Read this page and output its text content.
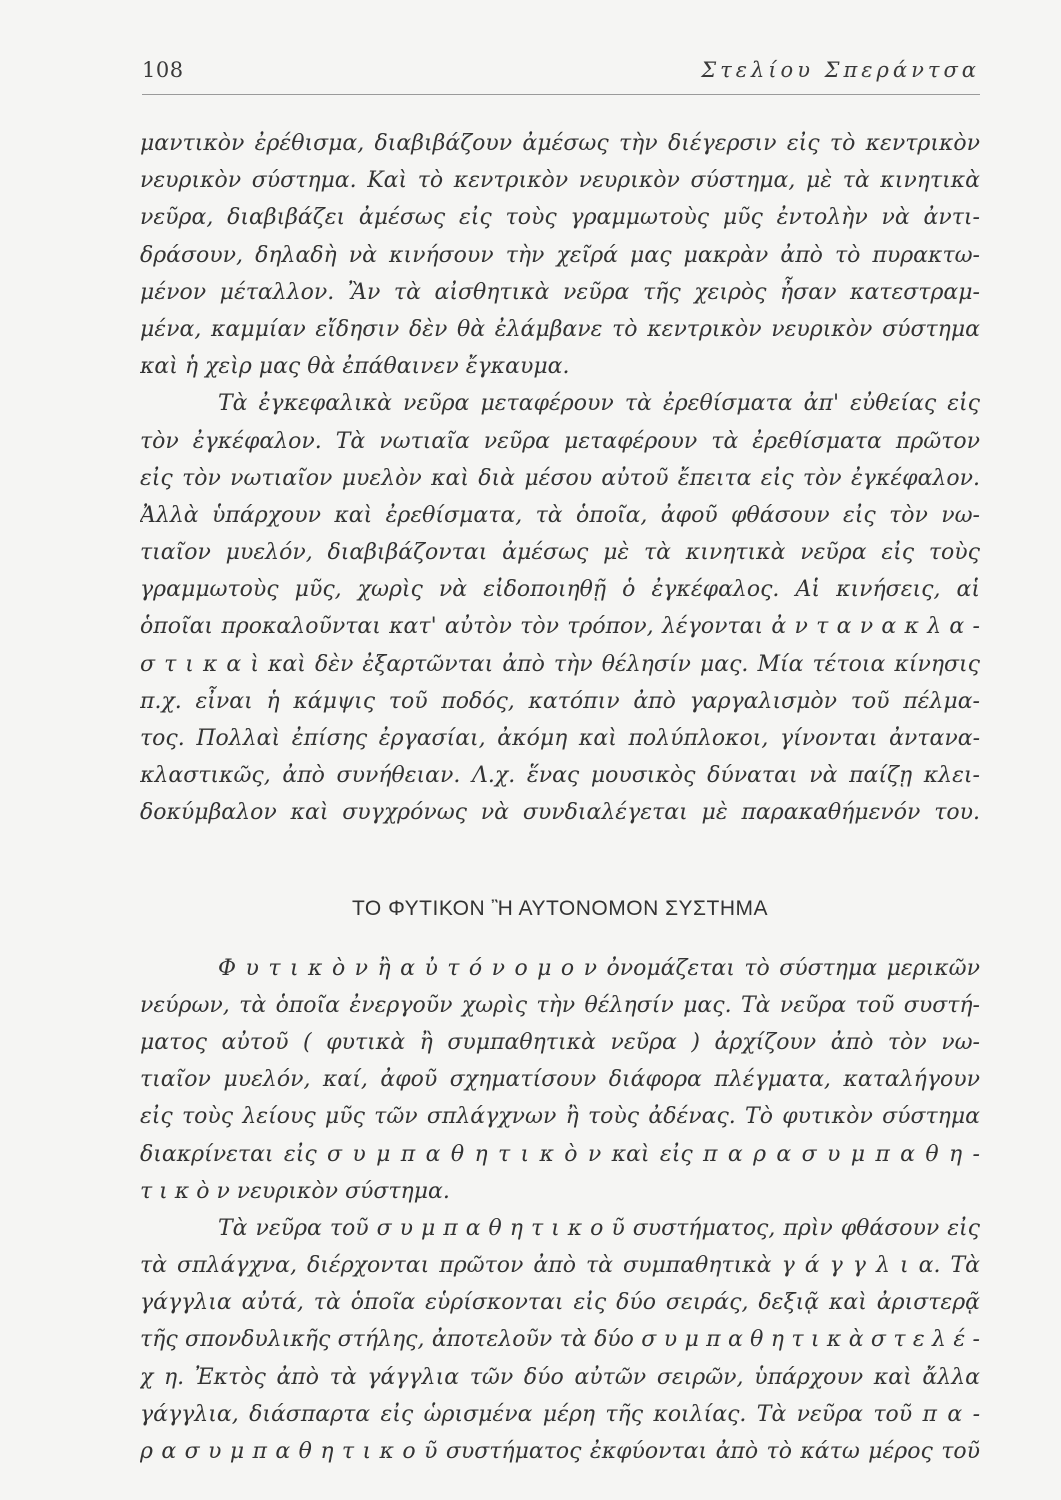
108	Στελίου Σπεράντσα
μαντικὸν ἐρέθισμα, διαβιβάζουν ἀμέσως τὴν διέγερσιν εἰς τὸ κεντρικὸν
νευρικὸν σύστημα. Καὶ τὸ κεντρικὸν νευρικὸν σύστημα, μὲ τὰ κινητικὰ
νεῦρα, διαβιβάζει ἀμέσως εἰς τοὺς γραμμωτοὺς μῦς ἐντολὴν νὰ ἀντι-
δράσουν, δηλαδὴ νὰ κινήσουν τὴν χεῖρά μας μακρὰν ἀπὸ τὸ πυρακτω-
μένον μέταλλον. Ἂν τὰ αἰσθητικὰ νεῦρα τῆς χειρὸς ἦσαν κατεστραμ-
μένα, καμμίαν εἴδησιν δὲν θὰ ἐλάμβανε τὸ κεντρικὸν νευρικὸν σύστημα
καὶ ἡ χεὶρ μας θὰ ἐπάθαινεν ἔγκαυμα.
Τὰ ἐγκεφαλικὰ νεῦρα μεταφέρουν τὰ ἐρεθίσματα ἀπ' εὐθείας εἰς
τὸν ἐγκέφαλον. Τὰ νωτιαῖα νεῦρα μεταφέρουν τὰ ἐρεθίσματα πρῶτον
εἰς τὸν νωτιαῖον μυελὸν καὶ διὰ μέσου αὐτοῦ ἔπειτα εἰς τὸν ἐγκέφαλον.
Ἀλλὰ ὑπάρχουν καὶ ἐρεθίσματα, τὰ ὁποῖα, ἀφοῦ φθάσουν εἰς τὸν νω-
τιαῖον μυελόν, διαβιβάζονται ἀμέσως μὲ τὰ κινητικὰ νεῦρα εἰς τοὺς
γραμμωτοὺς μῦς, χωρὶς νὰ εἰδοποιηθῇ ὁ ἐγκέφαλος. Αἱ κινήσεις, αἱ
ὁποῖαι προκαλοῦνται κατ' αὐτὸν τὸν τρόπον, λέγονται ἀ ν τ α ν α κ λ α -
σ τ ι κ α ὶ καὶ δὲν ἐξαρτῶνται ἀπὸ τὴν θέλησίν μας. Μία τέτοια κίνησις
π.χ. εἶναι ἡ κάμψις τοῦ ποδός, κατόπιν ἀπὸ γαργαλισμὸν τοῦ πέλμα-
τος. Πολλαὶ ἐπίσης ἐργασίαι, ἀκόμη καὶ πολύπλοκοι, γίνονται ἀντανα-
κλαστικῶς, ἀπὸ συνήθειαν. Λ.χ. ἕνας μουσικὸς δύναται νὰ παίζῃ κλει-
δοκύμβαλον καὶ συγχρόνως νὰ συνδιαλέγεται μὲ παρακαθήμενόν του.
ΤΟ ΦΥΤΙΚΟΝ Ἢ ΑΥΤΟΝΟΜΟΝ ΣΥΣΤΗΜΑ
Φ υ τ ι κ ὸ ν ἢ α ὐ τ ό ν ο μ ο ν ὀνομάζεται τὸ σύστημα μερικῶν
νεύρων, τὰ ὁποῖα ἐνεργοῦν χωρὶς τὴν θέλησίν μας. Τὰ νεῦρα τοῦ συστή-
ματος αὐτοῦ ( φυτικὰ ἢ συμπαθητικὰ νεῦρα ) ἀρχίζουν ἀπὸ τὸν νω-
τιαῖον μυελόν, καί, ἀφοῦ σχηματίσουν διάφορα πλέγματα, καταλήγουν
εἰς τοὺς λείους μῦς τῶν σπλάγχνων ἢ τοὺς ἀδένας. Τὸ φυτικὸν σύστημα
διακρίνεται εἰς σ υ μ π α θ η τ ι κ ὸ ν καὶ εἰς π α ρ α σ υ μ π α θ η -
τ ι κ ὸ ν νευρικὸν σύστημα.
Τὰ νεῦρα τοῦ σ υ μ π α θ η τ ι κ ο ῦ συστήματος, πρὶν φθάσουν εἰς
τὰ σπλάγχνα, διέρχονται πρῶτον ἀπὸ τὰ συμπαθητικὰ γ ά γ γ λ ι α. Τὰ
γάγγλια αὐτά, τὰ ὁποῖα εὑρίσκονται εἰς δύο σειράς, δεξιᾷ καὶ ἀριστερᾷ
τῆς σπονδυλικῆς στήλης, ἀποτελοῦν τὰ δύο σ υ μ π α θ η τ ι κ ὰ σ τ ε λ έ -
χ η. Ἐκτὸς ἀπὸ τὰ γάγγλια τῶν δύο αὐτῶν σειρῶν, ὑπάρχουν καὶ ἄλλα
γάγγλια, διάσπαρτα εἰς ὡρισμένα μέρη τῆς κοιλίας. Τὰ νεῦρα τοῦ π α -
ρ α σ υ μ π α θ η τ ι κ ο ῦ συστήματος ἐκφύονται ἀπὸ τὸ κάτω μέρος τοῦ
